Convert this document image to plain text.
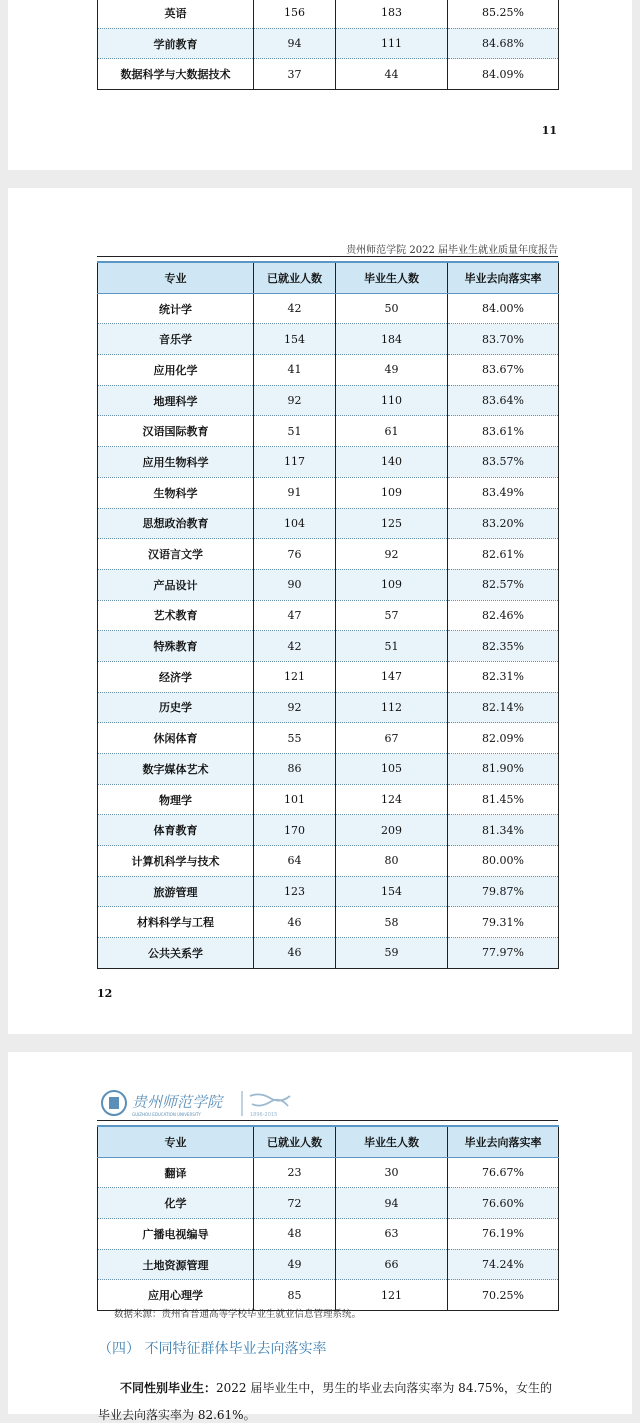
英语	156	183	85.25%
学前教育	94	111	84.68%
数据科学与大数据技术	37	44	84.09%
11
贵州师范学院 2022 届毕业生就业质量年度报告
专业	已就业人数	毕业生人数	毕业去向落实率
统计学	42	50	84.00%
音乐学	154	184	83.70%
应用化学	41	49	83.67%
地理科学	92	110	83.64%
汉语国际教育	51	61	83.61%
应用生物科学	117	140	83.57%
生物科学	91	109	83.49%
思想政治教育	104	125	83.20%
汉语言文学	76	92	82.61%
产品设计	90	109	82.57%
艺术教育	47	57	82.46%
特殊教育	42	51	82.35%
经济学	121	147	82.31%
历史学	92	112	82.14%
休闲体育	55	67	82.09%
数字媒体艺术	86	105	81.90%
物理学	101	124	81.45%
体育教育	170	209	81.34%
计算机科学与技术	64	80	80.00%
旅游管理	123	154	79.87%
材料科学与工程	46	58	79.31%
公共关系学	46	59	77.97%
12
贵州师范学院
GUIZHOU EDUCATION UNIVERSITY	1896-2015
专业	已就业人数	毕业生人数	毕业去向落实率
翻译	23	30	76.67%
化学	72	94	76.60%
广播电视编导	48	63	76.19%
土地资源管理	49	66	74.24%
应用心理学	85	121	70.25%
数据来源：贵州省普通高等学校毕业生就业信息管理系统。
（四） 不同特征群体毕业去向落实率
不同性别毕业生：2022 届毕业生中，男生的毕业去向落实率为 84.75%，女生的
毕业去向落实率为 82.61%。
